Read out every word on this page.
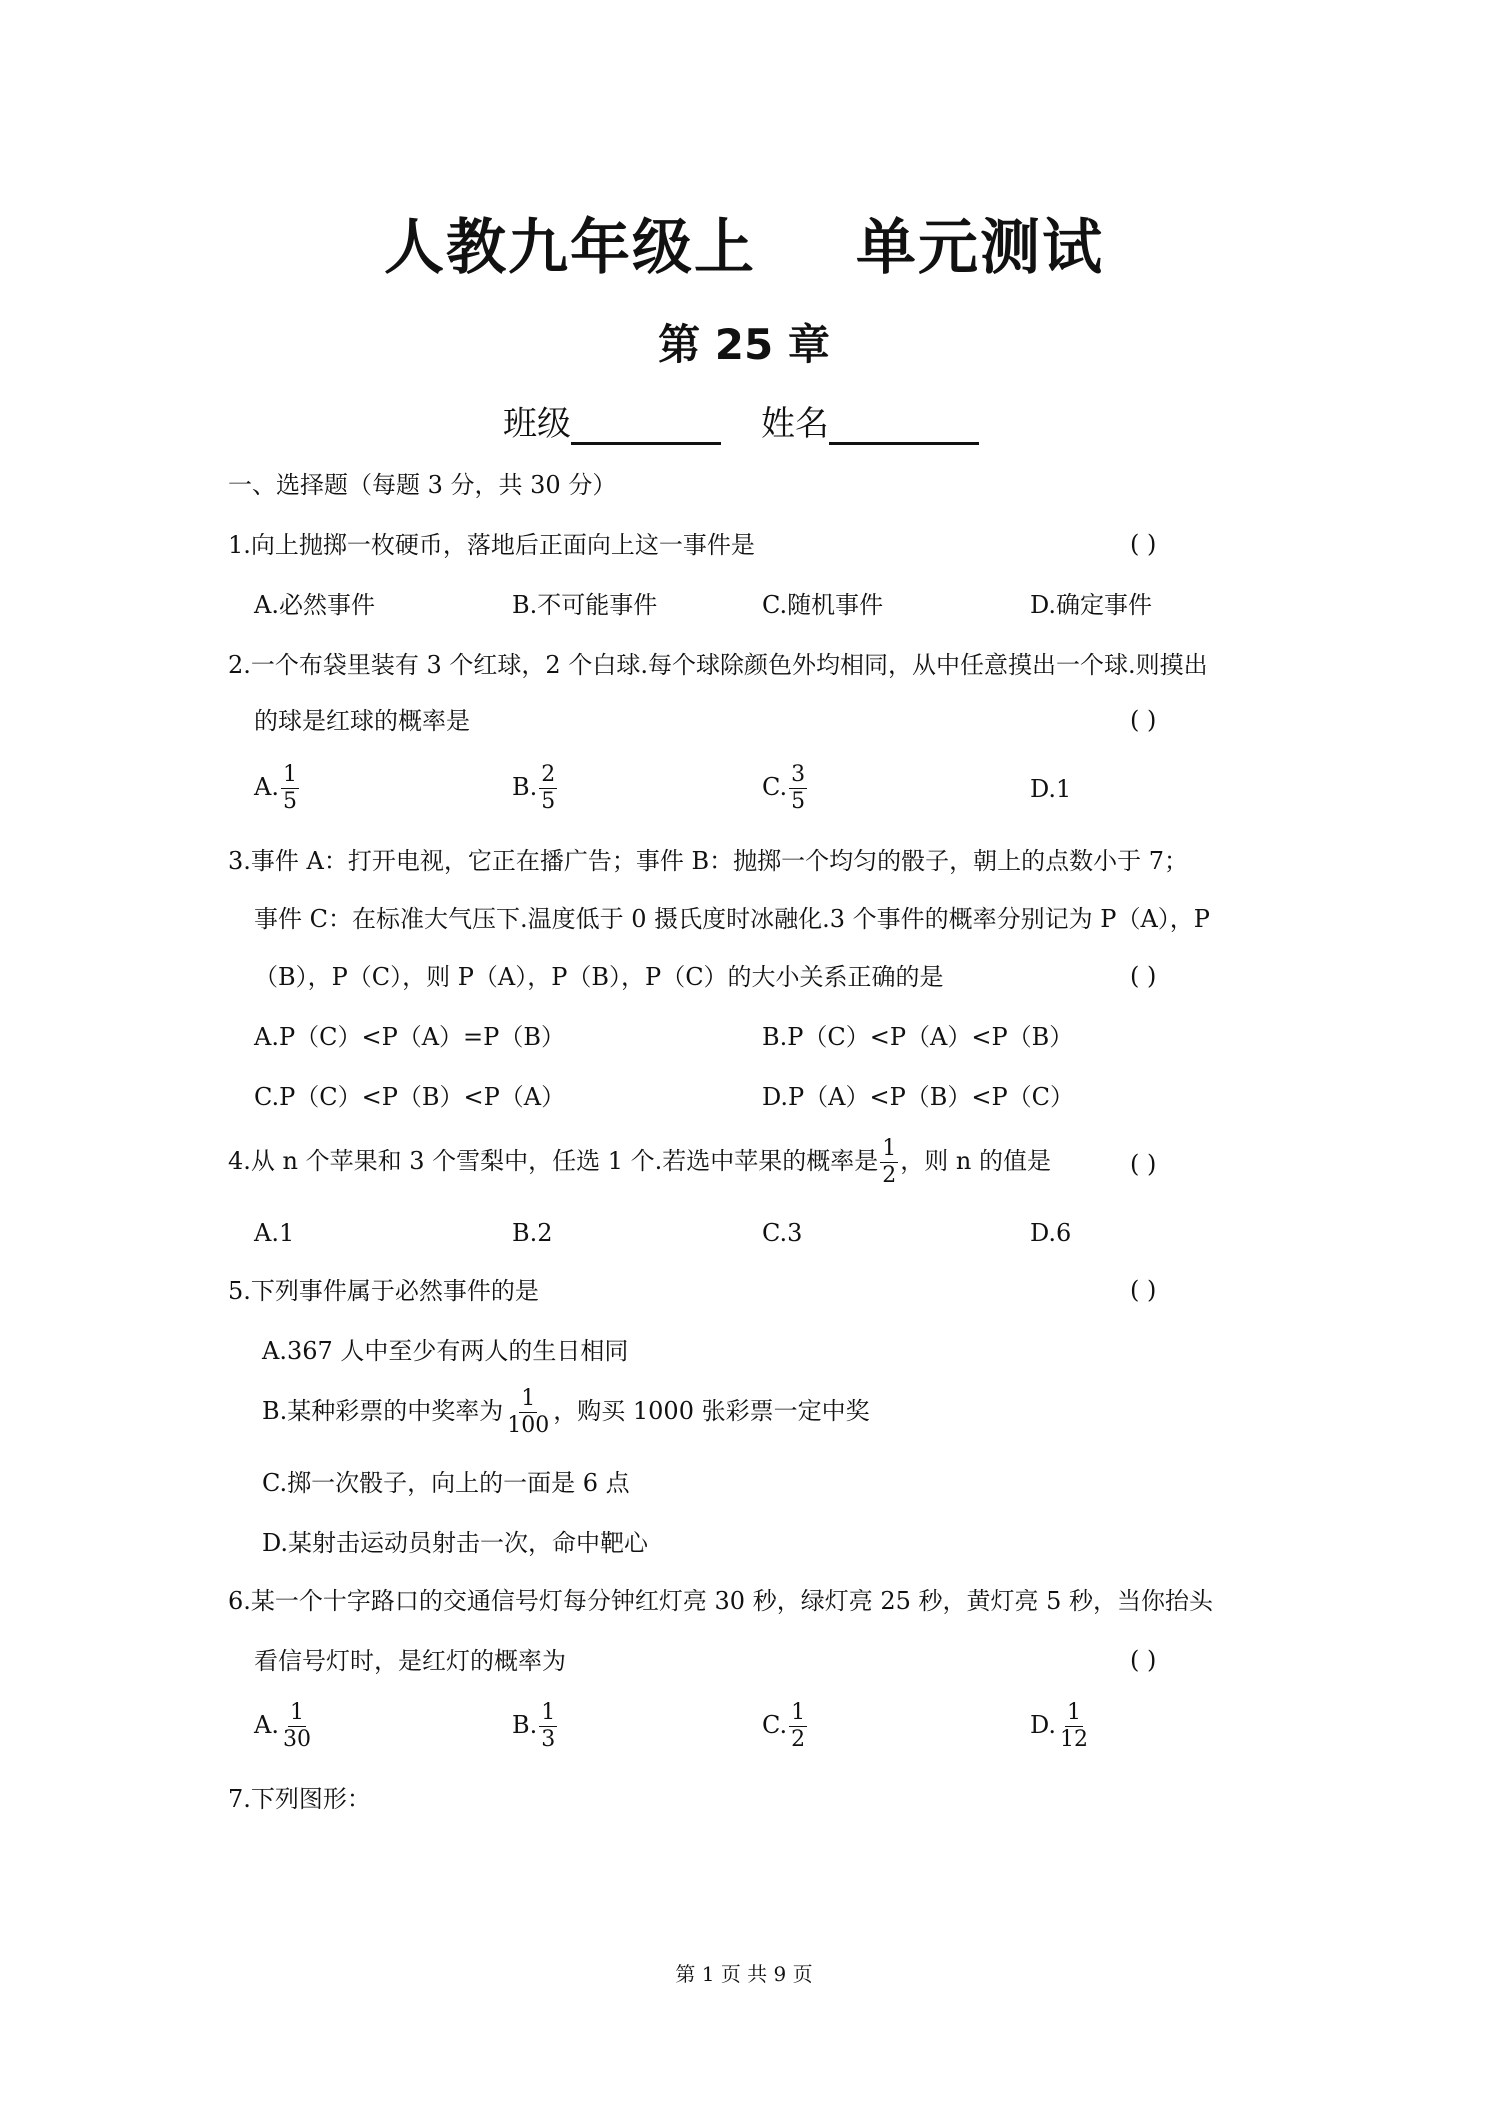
人教九年级上 单元测试
第 25 章
班级	姓名
一、选择题（每题 3 分，共 30 分）
1.向上抛掷一枚硬币，落地后正面向上这一事件是	( )
A.必然事件	B.不可能事件	C.随机事件	D.确定事件
2.一个布袋里装有 3 个红球，2 个白球.每个球除颜色外均相同，从中任意摸出一个球.则摸出
的球是红球的概率是	( )
A. $\frac{1}{5}$	B. $\frac{2}{5}$	C. $\frac{3}{5}$	D.1
3.事件 A：打开电视，它正在播广告；事件 B：抛掷一个均匀的骰子，朝上的点数小于 7；
事件 C：在标准大气压下.温度低于 0 摄氏度时冰融化.3 个事件的概率分别记为 P（A），P
（B），P（C），则 P（A），P（B），P（C）的大小关系正确的是	( )
A.P（C）<P（A）=P（B）	B.P（C）<P（A）<P（B）
C.P（C）<P（B）<P（A）	D.P（A）<P（B）<P（C）
4.从 n 个苹果和 3 个雪梨中，任选 1 个.若选中苹果的概率是 $\frac{1}{2}$ ，则 n 的值是	( )
A.1	B.2	C.3	D.6
5.下列事件属于必然事件的是	( )
A.367 人中至少有两人的生日相同
B.某种彩票的中奖率为 $\frac{1}{100}$ ，购买 1000 张彩票一定中奖
C.掷一次骰子，向上的一面是 6 点
D.某射击运动员射击一次，命中靶心
6.某一个十字路口的交通信号灯每分钟红灯亮 30 秒，绿灯亮 25 秒，黄灯亮 5 秒，当你抬头
看信号灯时，是红灯的概率为	( )
A. $\frac{1}{30}$	B. $\frac{1}{3}$	C. $\frac{1}{2}$	D. $\frac{1}{12}$
7.下列图形：
第 1 页 共 9 页
